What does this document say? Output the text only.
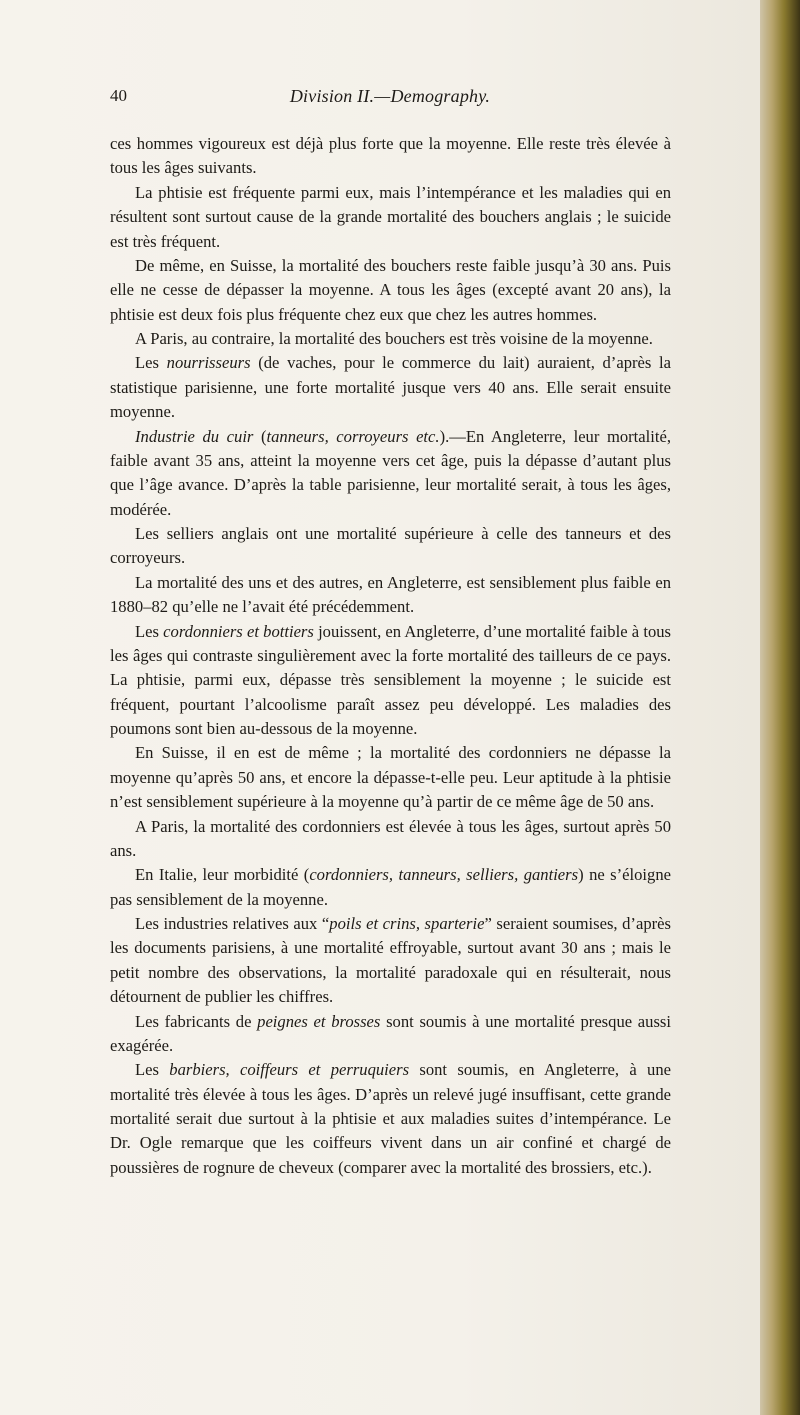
40	Division II.—Demography.

ces hommes vigoureux est déjà plus forte que la moyenne. Elle reste très élevée à tous les âges suivants.

La phtisie est fréquente parmi eux, mais l’intempérance et les maladies qui en résultent sont surtout cause de la grande mortalité des bouchers anglais ; le suicide est très fréquent.

De même, en Suisse, la mortalité des bouchers reste faible jusqu’à 30 ans. Puis elle ne cesse de dépasser la moyenne. A tous les âges (excepté avant 20 ans), la phtisie est deux fois plus fréquente chez eux que chez les autres hommes.

A Paris, au contraire, la mortalité des bouchers est très voisine de la moyenne.

Les nourrisseurs (de vaches, pour le commerce du lait) auraient, d’après la statistique parisienne, une forte mortalité jusque vers 40 ans. Elle serait ensuite moyenne.

Industrie du cuir (tanneurs, corroyeurs etc.).—En Angleterre, leur mortalité, faible avant 35 ans, atteint la moyenne vers cet âge, puis la dépasse d’autant plus que l’âge avance. D’après la table parisienne, leur mortalité serait, à tous les âges, modérée.

Les selliers anglais ont une mortalité supérieure à celle des tanneurs et des corroyeurs.

La mortalité des uns et des autres, en Angleterre, est sensiblement plus faible en 1880–82 qu’elle ne l’avait été précédemment.

Les cordonniers et bottiers jouissent, en Angleterre, d’une mortalité faible à tous les âges qui contraste singulièrement avec la forte mortalité des tailleurs de ce pays. La phtisie, parmi eux, dépasse très sensiblement la moyenne ; le suicide est fréquent, pourtant l’alcoolisme paraît assez peu développé. Les maladies des poumons sont bien au-dessous de la moyenne.

En Suisse, il en est de même ; la mortalité des cordonniers ne dépasse la moyenne qu’après 50 ans, et encore la dépasse-t-elle peu. Leur aptitude à la phtisie n’est sensiblement supérieure à la moyenne qu’à partir de ce même âge de 50 ans.

A Paris, la mortalité des cordonniers est élevée à tous les âges, surtout après 50 ans.

En Italie, leur morbidité (cordonniers, tanneurs, selliers, gantiers) ne s’éloigne pas sensiblement de la moyenne.

Les industries relatives aux “poils et crins, sparterie” seraient soumises, d’après les documents parisiens, à une mortalité effroyable, surtout avant 30 ans ; mais le petit nombre des observations, la mortalité paradoxale qui en résulterait, nous détournent de publier les chiffres.

Les fabricants de peignes et brosses sont soumis à une mortalité presque aussi exagérée.

Les barbiers, coiffeurs et perruquiers sont soumis, en Angleterre, à une mortalité très élevée à tous les âges. D’après un relevé jugé insuffisant, cette grande mortalité serait due surtout à la phtisie et aux maladies suites d’intempérance. Le Dr. Ogle remarque que les coiffeurs vivent dans un air confiné et chargé de poussières de rognure de cheveux (comparer avec la mortalité des brossiers, etc.).
